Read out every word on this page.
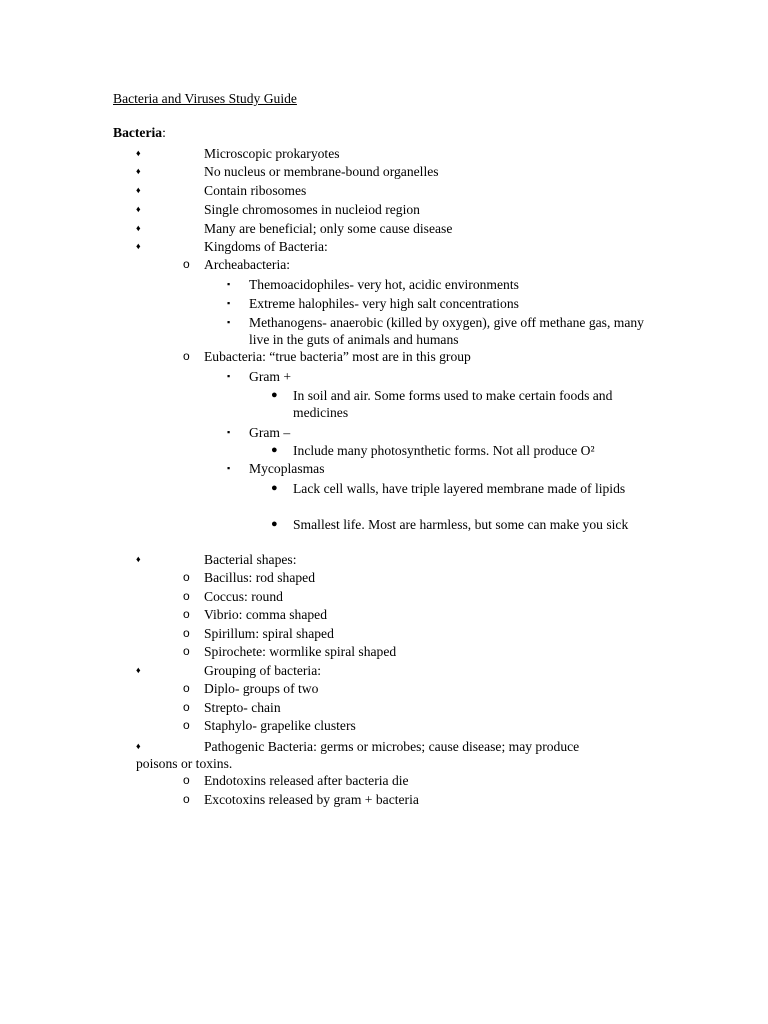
Bacteria and Viruses Study Guide
Bacteria:
♦	Microscopic prokaryotes
♦	No nucleus or membrane-bound organelles
♦	Contain ribosomes
♦	Single chromosomes in nucleiod region
♦	Many are beneficial; only some cause disease
♦	Kingdoms of Bacteria:
o Archeabacteria:
▪ Themoacidophiles- very hot, acidic environments
▪ Extreme halophiles- very high salt concentrations
▪ Methanogens- anaerobic (killed by oxygen), give off methane gas, many live in the guts of animals and humans
o Eubacteria: “true bacteria” most are in this group
▪ Gram +
● In soil and air. Some forms used to make certain foods and medicines
▪ Gram –
● Include many photosynthetic forms. Not all produce O²
▪ Mycoplasmas
● Lack cell walls, have triple layered membrane made of lipids
● Smallest life. Most are harmless, but some can make you sick
♦	Bacterial shapes:
o Bacillus: rod shaped
o Coccus: round
o Vibrio: comma shaped
o Spirillum: spiral shaped
o Spirochete: wormlike spiral shaped
♦	Grouping of bacteria:
o Diplo- groups of two
o Strepto- chain
o Staphylo- grapelike clusters
♦	Pathogenic Bacteria: germs or microbes; cause disease; may produce
poisons or toxins.
o Endotoxins released after bacteria die
o Excotoxins released by gram + bacteria
